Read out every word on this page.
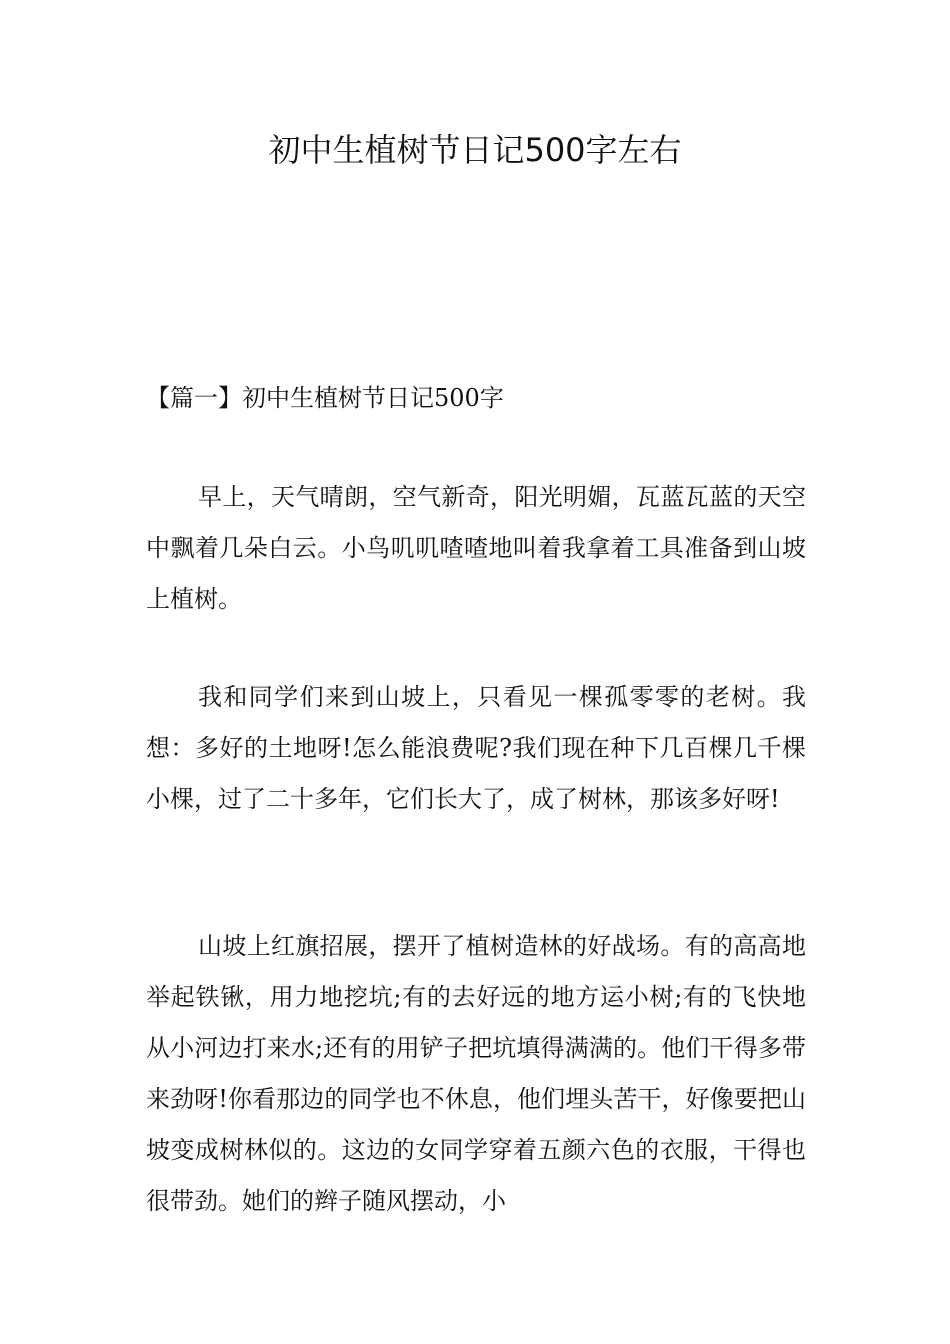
初中生植树节日记500字左右

【篇一】初中生植树节日记500字

早上，天气晴朗，空气新奇，阳光明媚，瓦蓝瓦蓝的天空中飘着几朵白云。小鸟叽叽喳喳地叫着我拿着工具准备到山坡上植树。

我和同学们来到山坡上，只看见一棵孤零零的老树。我想：多好的土地呀!怎么能浪费呢?我们现在种下几百棵几千棵小棵，过了二十多年，它们长大了，成了树林，那该多好呀!

山坡上红旗招展，摆开了植树造林的好战场。有的高高地举起铁锹，用力地挖坑;有的去好远的地方运小树;有的飞快地从小河边打来水;还有的用铲子把坑填得满满的。他们干得多带来劲呀!你看那边的同学也不休息，他们埋头苦干，好像要把山坡变成树林似的。这边的女同学穿着五颜六色的衣服，干得也很带劲。她们的辫子随风摆动，小
